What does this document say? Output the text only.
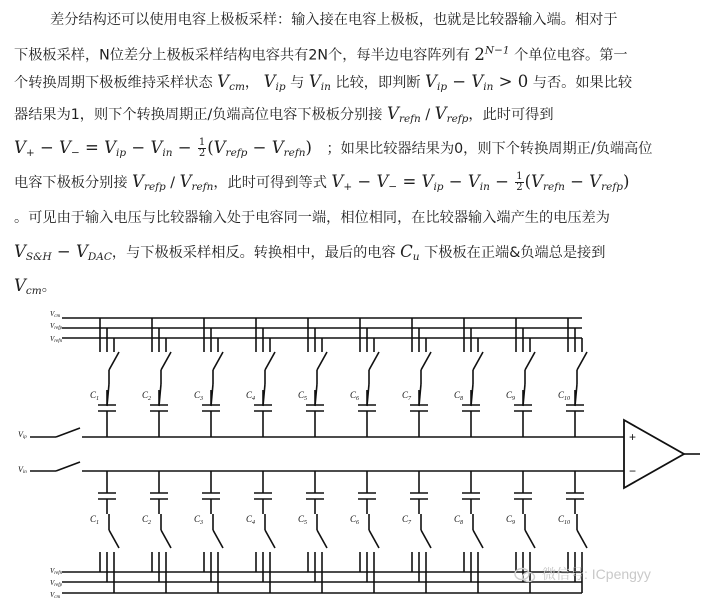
差分结构还可以使用电容上极板采样：输入接在电容上极板，也就是比较器输入端。相对于
下极板采样，N位差分上极板采样结构电容共有2N个，每半边电容阵列有 $2^{N-1}$ 个单位电容。第一
个转换周期下极板维持采样状态 $V_{cm}$， $V_{ip}$ 与 $V_{in}$ 比较，即判断 $V_{ip} - V_{in} > 0$ 与否。如果比较
器结果为1，则下个转换周期正/负端高位电容下极板分别接 $V_{refn} / V_{refp}$，此时可得到
$V_+ - V_- = V_{ip} - V_{in} - \frac{1}{2} (V_{refp} - V_{refn})$ ；如果比较器结果为0，则下个转换周期正/负端高位
电容下极板分别接 $V_{refp} / V_{refn}$，此时可得到等式 $V_+ - V_- = V_{ip} - V_{in} - \frac{1}{2} (V_{refn} - V_{refp})$
。可见由于输入电压与比较器输入处于电容同一端，相位相同，在比较器输入端产生的电压差为
$V_{S\&H} - V_{DAC}$，与下极板采样相反。转换相中，最后的电容 $C_u$ 下极板在正端&负端总是接到
$V_{cm}$。
Vcm
Vrefp
Vrefn
Vrefn
Vrefp
Vcm
Vip
Vin
+
−
$C_1$
$C_1$
$C_2$
$C_2$
$C_3$
$C_3$
$C_4$
$C_4$
$C_5$
$C_5$
$C_6$
$C_6$
$C_7$
$C_7$
$C_8$
$C_8$
$C_9$
$C_9$
$C_{10}$
$C_{10}$
微信号: ICpengyy
